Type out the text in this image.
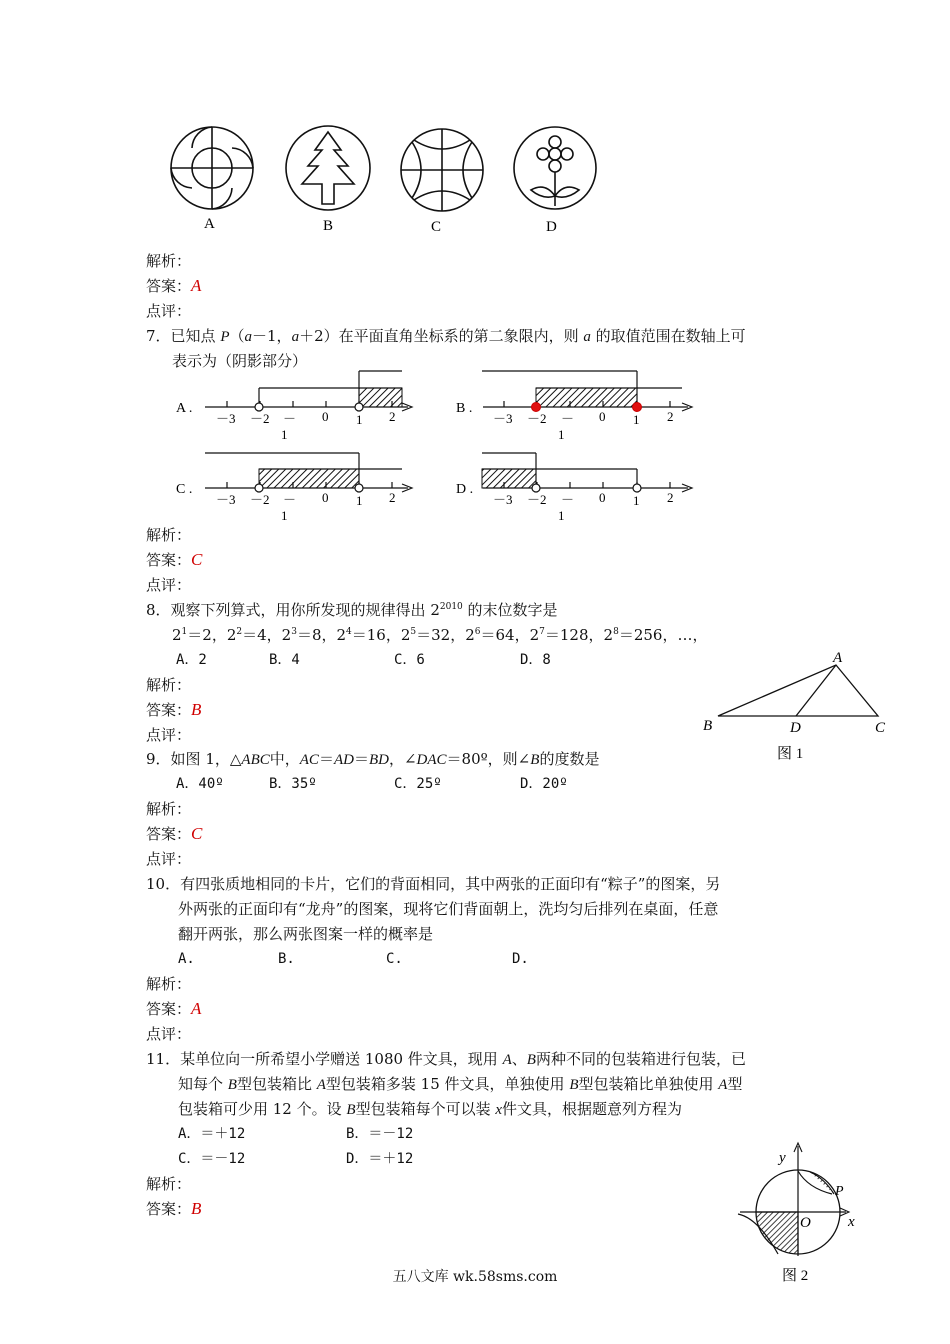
A	B	C	D
解析：
答案：A
点评：
7．已知点 P（a－1，a＋2）在平面直角坐标系的第二象限内，则 a 的取值范围在数轴上可
表示为（阴影部分）
A .
－3 －2 － 0 1 2
1
B .
－3 －2 － 0 1 2
1
C .
－3 －2 － 0 1 2
1
D .
－3 －2 － 0 1 2
1
解析：
答案：C
点评：
8．观察下列算式，用你所发现的规律得出 $2^{2010}$ 的末位数字是
$2^1=2$，$2^2=4$，$2^3=8$，$2^4=16$，$2^5=32$，$2^6=64$，$2^7=128$，$2^8=256$，…，
A．2	B．4	C．6	D．8
解析：
答案：B
点评：
A
B	D	C
图 1
9．如图 1，△ABC中，AC＝AD＝BD，∠DAC＝80º，则∠B的度数是
A．40º	B．35º	C．25º	D．20º
解析：
答案：C
点评：
10．有四张质地相同的卡片，它们的背面相同，其中两张的正面印有“粽子”的图案，另
外两张的正面印有“龙舟”的图案，现将它们背面朝上，洗均匀后排列在桌面，任意
翻开两张，那么两张图案一样的概率是
A.	B.	C.	D.
解析：
答案：A
点评：
11．某单位向一所希望小学赠送 1080 件文具，现用 A、B两种不同的包装箱进行包装，已
知每个 B型包装箱比 A型包装箱多装 15 件文具，单独使用 B型包装箱比单独使用 A型
包装箱可少用 12 个。设 B型包装箱每个可以装 x件文具，根据题意列方程为
A．＝＋12	B．＝－12
C．＝－12	D．＝＋12
解析：
答案：B
y
P
O x
图 2
五八文库 wk.58sms.com
